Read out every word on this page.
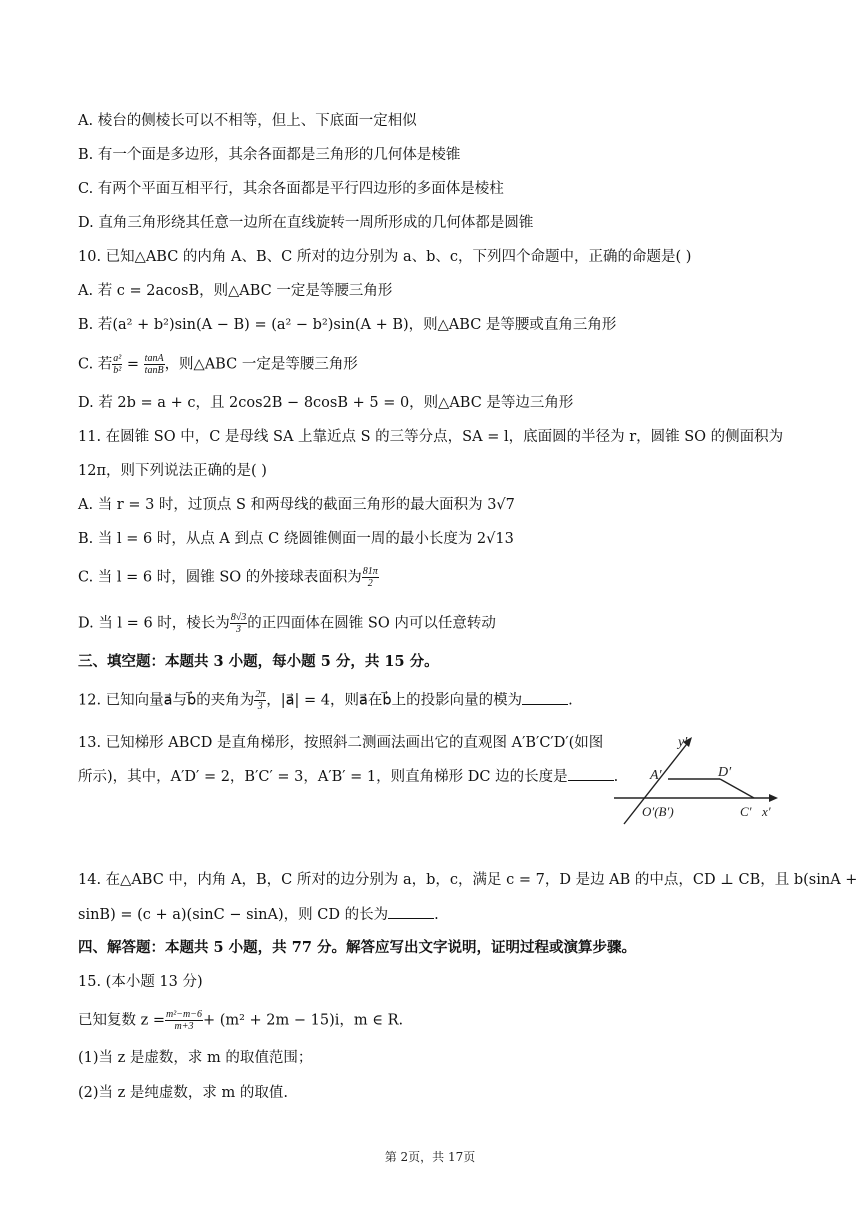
A. 棱台的侧棱长可以不相等，但上、下底面一定相似
B. 有一个面是多边形，其余各面都是三角形的几何体是棱锥
C. 有两个平面互相平行，其余各面都是平行四边形的多面体是棱柱
D. 直角三角形绕其任意一边所在直线旋转一周所形成的几何体都是圆锥
10. 已知△ABC 的内角 A、B、C 所对的边分别为 a、b、c，下列四个命题中，正确的命题是( )
A. 若 c = 2acosB，则△ABC 一定是等腰三角形
B. 若(a² + b²)sin(A − B) = (a² − b²)sin(A + B)，则△ABC 是等腰或直角三角形
C. 若 $\frac{\text{a²}}{\text{b²}} = \frac{\tan A}{\tan B}$ ，则△ABC 一定是等腰三角形
D. 若 2b = a + c，且 2cos2B − 8cosB + 5 = 0，则△ABC 是等边三角形
11. 在圆锥 SO 中，C 是母线 SA 上靠近点 S 的三等分点，SA = l，底面圆的半径为 r，圆锥 SO 的侧面积为
12π，则下列说法正确的是( )
A. 当 r = 3 时，过顶点 S 和两母线的截面三角形的最大面积为 3√7
B. 当 l = 6 时，从点 A 到点 C 绕圆锥侧面一周的最小长度为 2√13
C. 当 l = 6 时，圆锥 SO 的外接球表面积为 $\frac{81\pi}{2}$
D. 当 l = 6 时，棱长为 $\frac{8√3}{3}$ 的正四面体在圆锥 SO 内可以任意转动
三、填空题：本题共 3 小题，每小题 5 分，共 15 分。
12. 已知向量a⃗与b⃗的夹角为 $\frac{2\pi}{3}$ ，|a⃗| = 4，则a⃗在b⃗上的投影向量的模为	.
13. 已知梯形 ABCD 是直角梯形，按照斜二测画法画出它的直观图 A′B′C′D′(如图
所示)，其中，A′D′ = 2，B′C′ = 3，A′B′ = 1，则直角梯形 DC 边的长度是	.
y′
A′	D′
O′(B′)	C′ x′
14. 在△ABC 中，内角 A，B，C 所对的边分别为 a，b，c，满足 c = 7，D 是边 AB 的中点，CD ⊥ CB，且 b(sinA +
sinB) = (c + a)(sinC − sinA)，则 CD 的长为	.
四、解答题：本题共 5 小题，共 77 分。解答应写出文字说明，证明过程或演算步骤。
15. (本小题 13 分)
已知复数 $z = \frac{\text{m²−m−6}}{m+3} + (m^2 + 2m - 15)i$，m ∈ R.
(1)当 z 是虚数，求 m 的取值范围；
(2)当 z 是纯虚数，求 m 的取值.
第 2页，共 17页
